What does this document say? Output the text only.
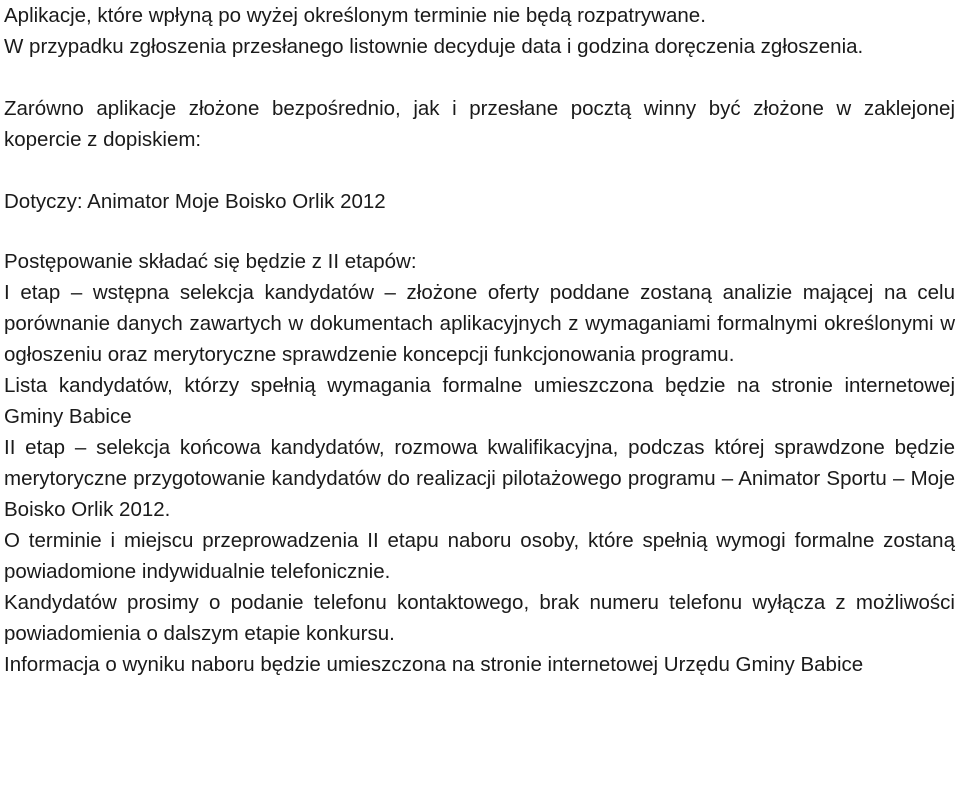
Aplikacje, które wpłyną po wyżej określonym terminie nie będą rozpatrywane.

W przypadku zgłoszenia przesłanego listownie decyduje data i godzina doręczenia zgłoszenia.

Zarówno aplikacje złożone bezpośrednio, jak i przesłane pocztą winny być złożone w zaklejonej kopercie z dopiskiem:

Dotyczy: Animator Moje Boisko Orlik 2012

Postępowanie składać się będzie z II etapów:

I etap – wstępna selekcja kandydatów – złożone oferty poddane zostaną analizie mającej na celu porównanie danych zawartych w dokumentach aplikacyjnych z wymaganiami formalnymi określonymi w ogłoszeniu oraz merytoryczne sprawdzenie koncepcji funkcjonowania programu.

Lista kandydatów, którzy spełnią wymagania formalne umieszczona będzie na stronie internetowej Gminy Babice

II etap – selekcja końcowa kandydatów, rozmowa kwalifikacyjna, podczas której sprawdzone będzie merytoryczne przygotowanie kandydatów do realizacji pilotażowego programu – Animator Sportu – Moje Boisko Orlik 2012.

O terminie i miejscu przeprowadzenia II etapu naboru osoby, które spełnią wymogi formalne zostaną powiadomione indywidualnie telefonicznie.

Kandydatów prosimy o podanie telefonu kontaktowego, brak numeru telefonu wyłącza z możliwości powiadomienia o dalszym etapie konkursu.

Informacja o wyniku naboru będzie umieszczona na stronie internetowej Urzędu Gminy Babice
